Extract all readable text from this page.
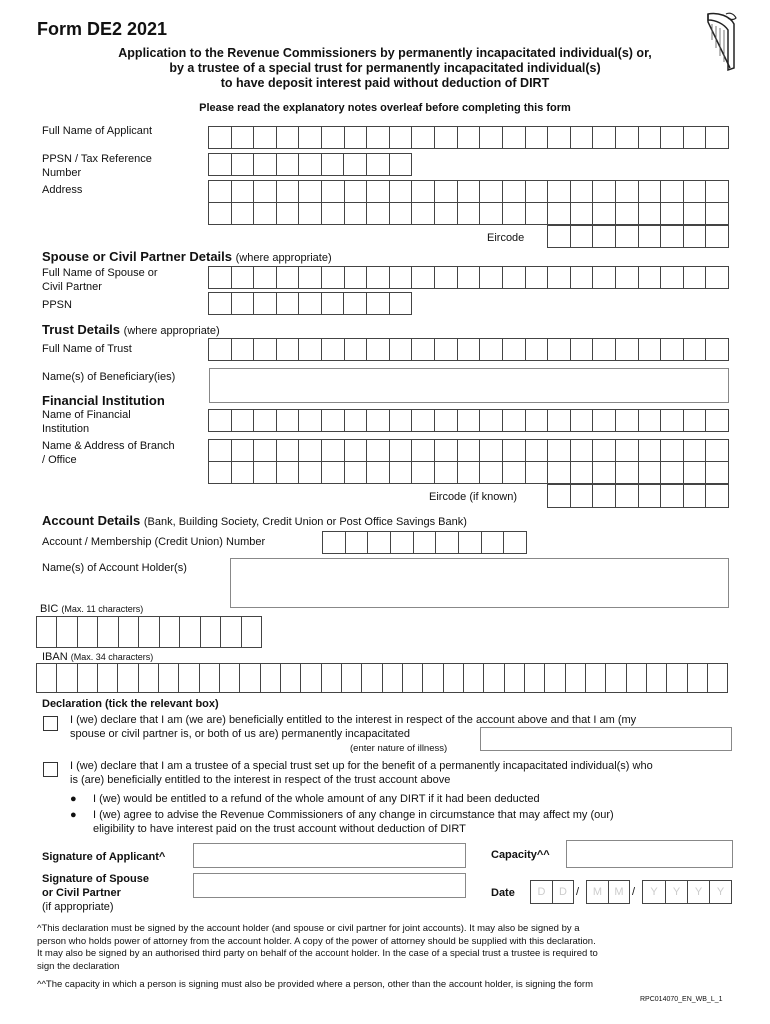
Form DE2 2021
Application to the Revenue Commissioners by permanently incapacitated individual(s) or,
by a trustee of a special trust for permanently incapacitated individual(s)
to have deposit interest paid without deduction of DIRT
Please read the explanatory notes overleaf before completing this form
Full Name of Applicant
PPSN / Tax Reference
Number
Address
Eircode
Spouse or Civil Partner Details (where appropriate)
Full Name of Spouse or
Civil Partner
PPSN
Trust Details (where appropriate)
Full Name of Trust
Name(s) of Beneficiary(ies)
Financial Institution
Name of Financial
Institution
Name & Address of Branch
/ Office
Eircode (if known)
Account Details (Bank, Building Society, Credit Union or Post Office Savings Bank)
Account / Membership (Credit Union) Number
Name(s) of Account Holder(s)
BIC (Max. 11 characters)
IBAN (Max. 34 characters)
Declaration (tick the relevant box)
I (we) declare that I am (we are) beneficially entitled to the interest in respect of the account above and that I am (my
spouse or civil partner is, or both of us are) permanently incapacitated
(enter nature of illness)
I (we) declare that I am a trustee of a special trust set up for the benefit of a permanently incapacitated individual(s) who
is (are) beneficially entitled to the interest in respect of the trust account above
● I (we) would be entitled to a refund of the whole amount of any DIRT if it had been deducted
● I (we) agree to advise the Revenue Commissioners of any change in circumstance that may affect my (our)
eligibility to have interest paid on the trust account without deduction of DIRT
Signature of Applicant^	Capacity^^
Signature of Spouse
or Civil Partner
(if appropriate)
Date	D	D /	M	M /	Y	Y	Y	Y
^This declaration must be signed by the account holder (and spouse or civil partner for joint accounts). It may also be signed by a
person who holds power of attorney from the account holder. A copy of the power of attorney should be supplied with this declaration.
It may also be signed by an authorised third party on behalf of the account holder. In the case of a special trust a trustee is required to
sign the declaration
^^The capacity in which a person is signing must also be provided where a person, other than the account holder, is signing the form
RPC014070_EN_WB_L_1
